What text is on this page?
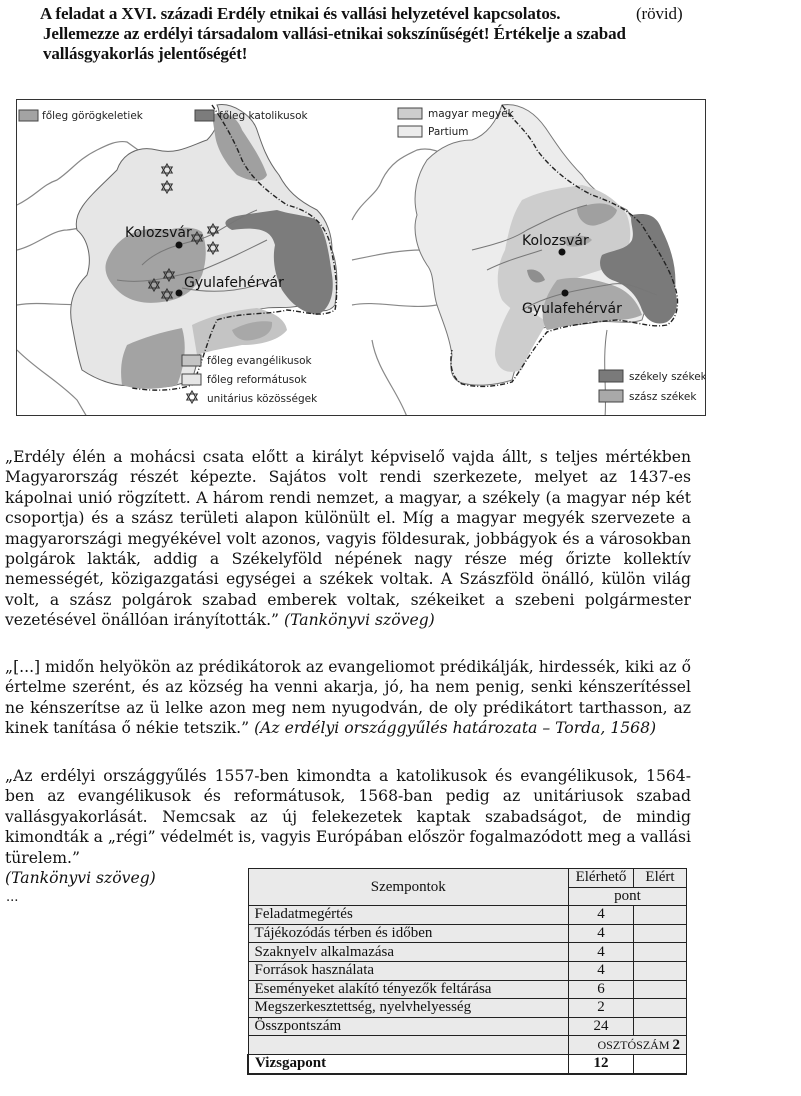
A feladat a XVI. századi Erdély etnikai és vallási helyzetével kapcsolatos.	(rövid)
Jellemezze az erdélyi társadalom vallási-etnikai sokszínűségét! Értékelje a szabad vallásgyakorlás jelentőségét!
Kolozsvár
Gyulafehérvár
főleg görögkeletiek	főleg katolikusok
főleg evangélikusok
főleg reformátusok
unitárius közösségek
Kolozsvár
Gyulafehérvár
magyar megyék
Partium
székely székek
szász székek
„Erdély élén a mohácsi csata előtt a királyt képviselő vajda állt, s teljes mértékben Magyarország részét képezte. Sajátos volt rendi szerkezete, melyet az 1437-es kápolnai unió rögzített. A három rendi nemzet, a magyar, a székely (a magyar nép két csoportja) és a szász területi alapon különült el. Míg a magyar megyék szervezete a magyarországi megyékével volt azonos, vagyis földesurak, jobbágyok és a városokban polgárok lakták, addig a Székelyföld népének nagy része még őrizte kollektív nemességét, közigazgatási egységei a székek voltak. A Szászföld önálló, külön világ volt, a szász polgárok szabad emberek voltak, székeiket a szebeni polgármester vezetésével önállóan irányították.” (Tankönyvi szöveg)
„[...] midőn helyökön az prédikátorok az evangeliomot prédikálják, hirdessék, kiki az ő értelme szerént, és az község ha venni akarja, jó, ha nem penig, senki kénszerítéssel ne kénszerítse az ü lelke azon meg nem nyugodván, de oly prédikátort tarthasson, az kinek tanítása ő nékie tetszik.” (Az erdélyi országgyűlés határozata – Torda, 1568)
„Az erdélyi országgyűlés 1557-ben kimondta a katolikusok és evangélikusok, 1564-ben az evangélikusok és reformátusok, 1568-ban pedig az unitáriusok szabad vallásgyakorlását. Nemcsak az új felekezetek kaptak szabadságot, de mindig kimondták a „régi” védelmét is, vagyis Európában először fogalmazódott meg a vallási türelem.”
(Tankönyvi szöveg)
...
Szempontok	Elérhető	Elért
	pont	
Feladatmegértés	4	
Tájékozódás térben és időben	4	
Szaknyelv alkalmazása	4	
Források használata	4	
Eseményeket alakító tényezők feltárása	6	
Megszerkesztettség, nyelvhelyesség	2	
Összpontszám	24	
	OSZTÓSZÁM 2	
Vizsgapont	12	
